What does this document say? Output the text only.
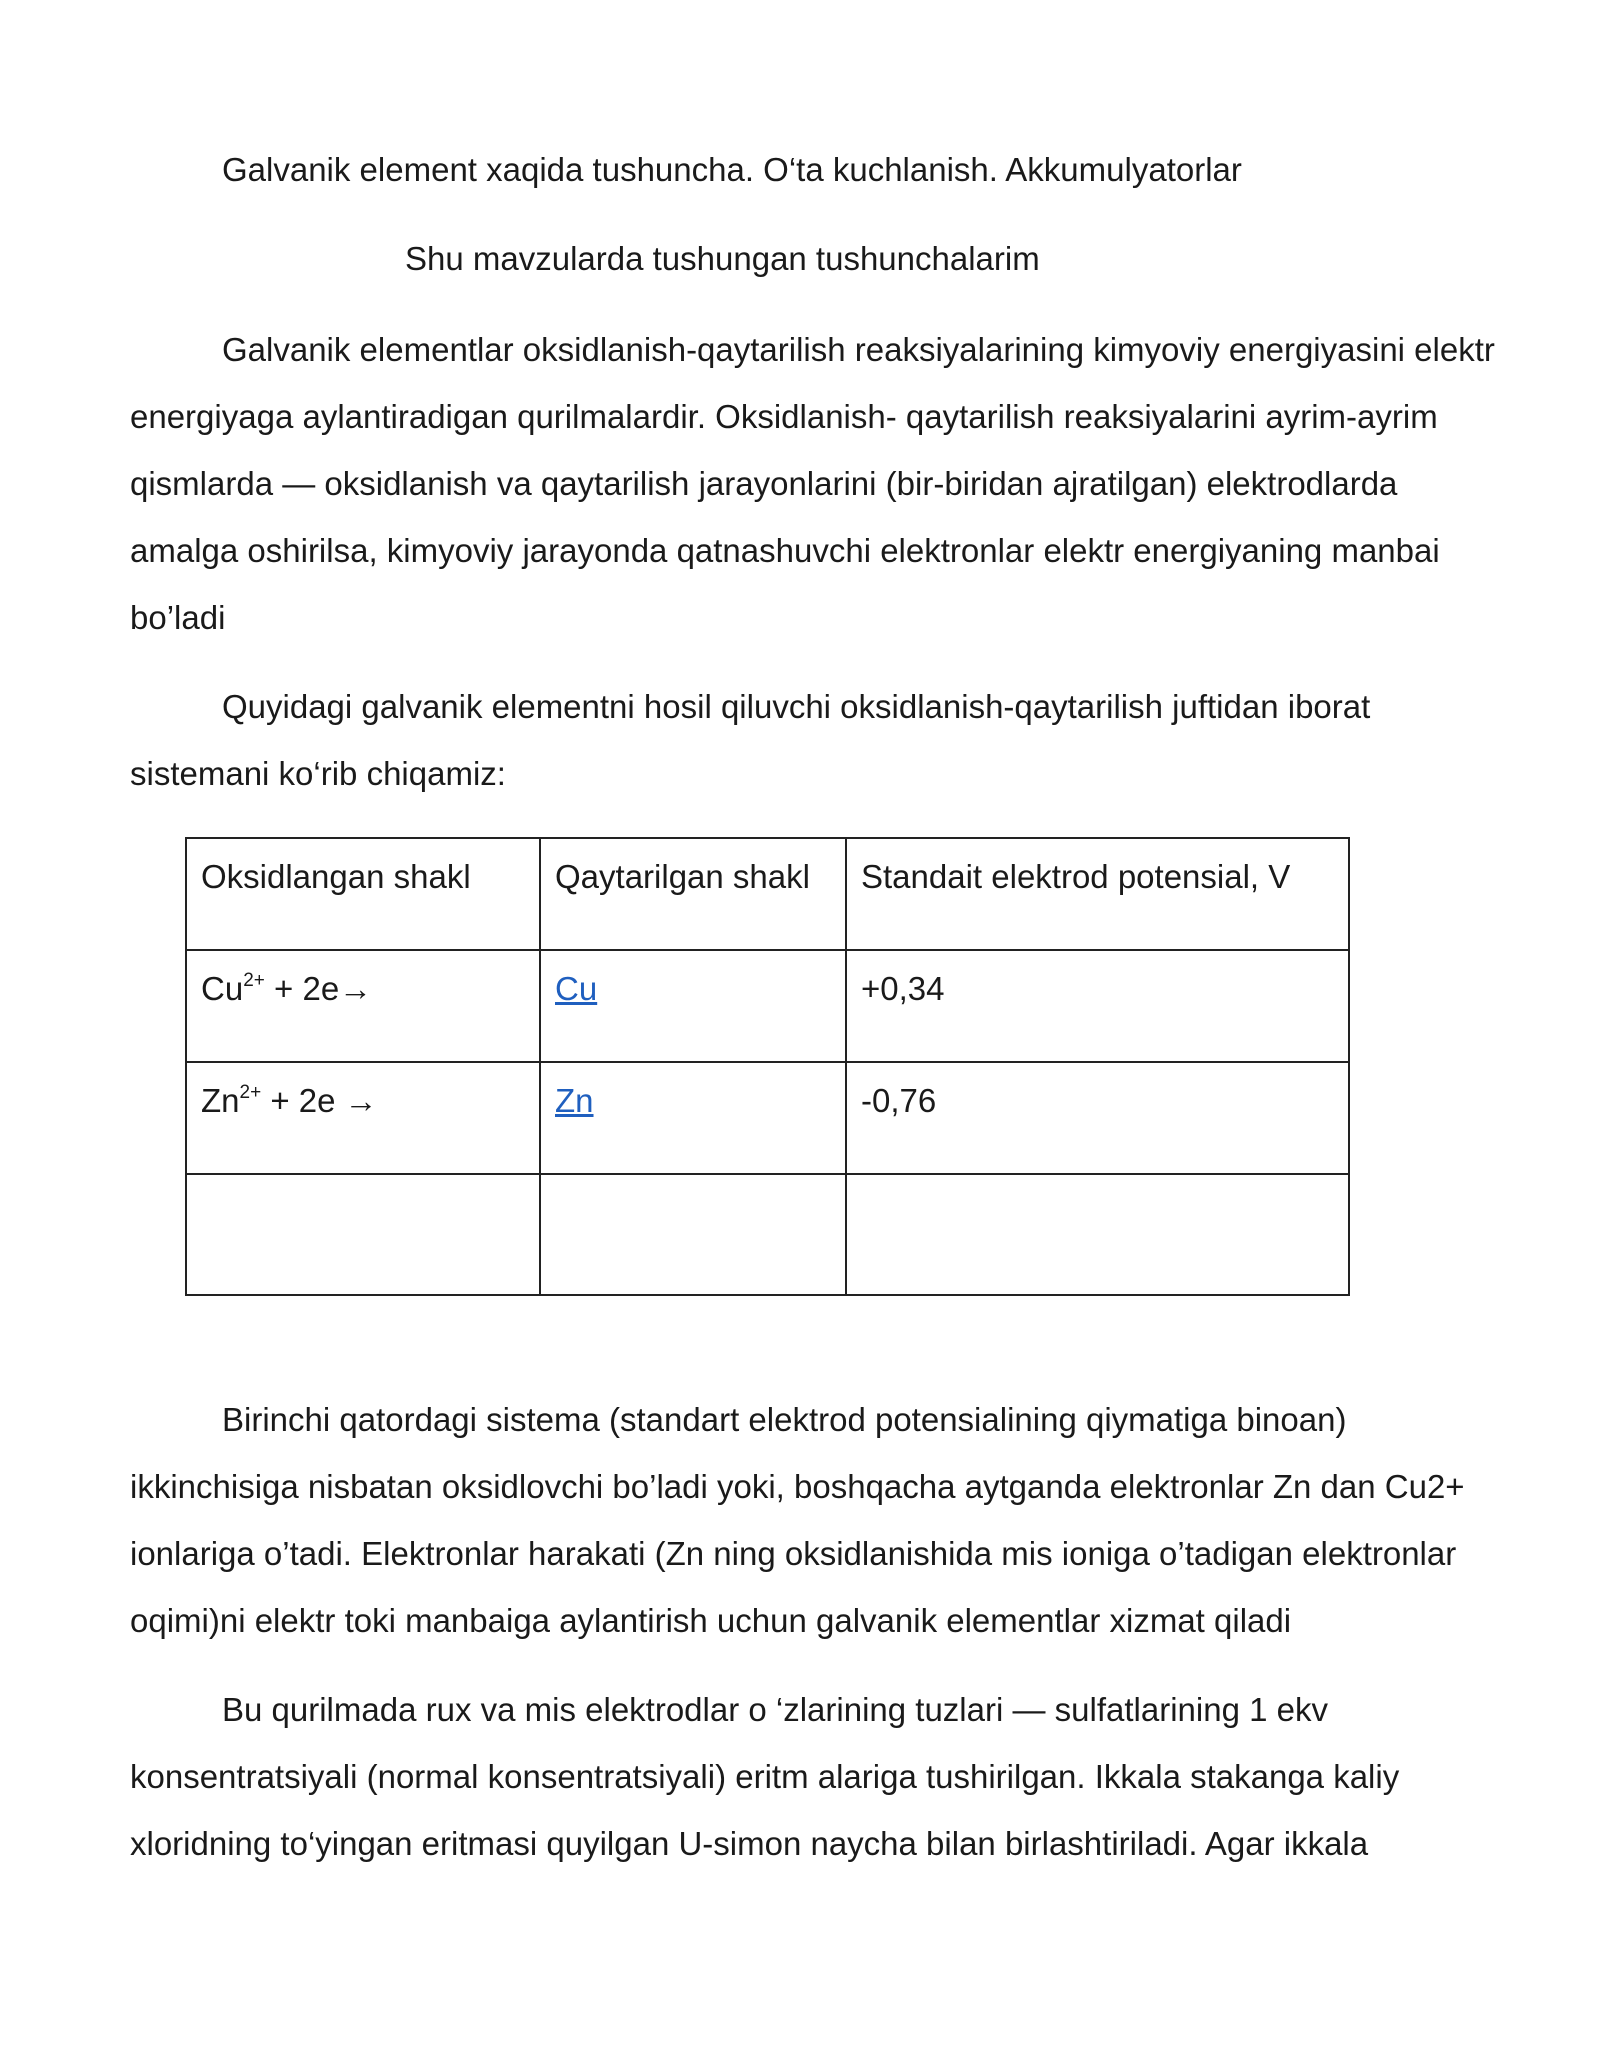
Galvanik element xaqida tushuncha. O‘ta kuchlanish. Akkumulyatorlar

Shu mavzularda tushungan tushunchalarim

Galvanik elementlar oksidlanish-qaytarilish reaksiyalarining kimyoviy energiyasini elektr energiyaga aylantiradigan qurilmalardir. Oksidlanish- qaytarilish reaksiyalarini ayrim-ayrim qismlarda — oksidlanish va qaytarilish jarayonlarini (bir-biridan ajratilgan) elektrodlarda amalga oshirilsa, kimyoviy jarayonda qatnashuvchi elektronlar elektr energiyaning manbai bo’ladi

Quyidagi galvanik elementni hosil qiluvchi oksidlanish-qaytarilish juftidan iborat sistemani ko‘rib chiqamiz:

Oksidlangan shakl	Qaytarilgan shakl	Standait elektrod potensial, V
$Cu^{2+} + 2e\to$	Cu	+0,34
$Zn^{2+} + 2e$ →	Zn	-0,76

Birinchi qatordagi sistema (standart elektrod potensialining qiymatiga binoan) ikkinchisiga nisbatan oksidlovchi bo’ladi yoki, boshqacha aytganda elektronlar Zn dan Cu2+ ionlariga o’tadi. Elektronlar harakati (Zn ning oksidlanishida mis ioniga o’tadigan elektronlar oqimi)ni elektr toki manbaiga aylantirish uchun galvanik elementlar xizmat qiladi

Bu qurilmada rux va mis elektrodlar o ‘zlarining tuzlari — sulfatlarining 1 ekv konsentratsiyali (normal konsentratsiyali) eritm alariga tushirilgan. Ikkala stakanga kaliy xloridning to‘yingan eritmasi quyilgan U-simon naycha bilan birlashtiriladi. Agar ikkala
